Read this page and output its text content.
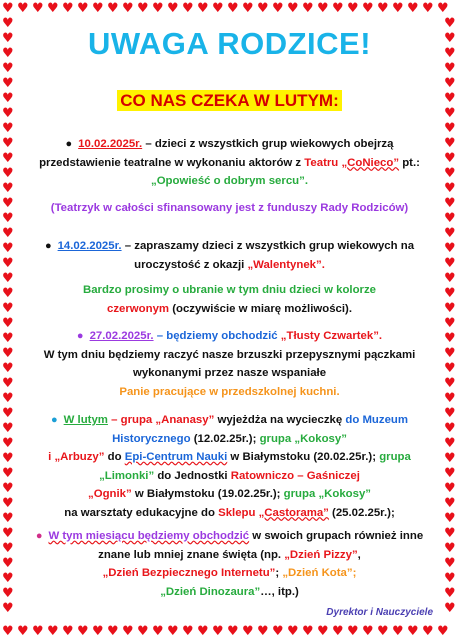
♥
♥
♥
♥
♥
♥
♥
♥
♥
♥
♥
♥
♥
♥
♥
♥
♥
♥
♥
♥
♥
♥
♥
♥
♥
♥
♥
♥
♥
♥
♥
♥
♥
♥
♥
♥
♥
♥
♥
♥
♥
♥
♥
♥
♥
♥
♥
♥
♥
♥
♥
♥
♥
♥
♥
♥
♥
♥
♥
♥
♥	♥
♥	♥
♥	♥
♥	♥
♥	♥
♥	♥
♥	♥
♥	♥
♥	♥
♥	♥
♥	♥
♥	♥
♥	♥
♥	♥
♥	♥
♥	♥
♥	♥
♥	♥
♥	♥
♥	♥
♥	♥
♥	♥
♥	♥
♥	♥
♥	♥
♥	♥
♥	♥
♥	♥
♥	♥
♥	♥
♥	♥
♥	♥
♥	♥
♥	♥
♥	♥
♥	♥
♥	♥
♥	♥
♥	♥
♥	♥
UWAGA RODZICE!
CO NAS CZEKA W LUTYM:

● 10.02.2025r. – dzieci z wszystkich grup wiekowych obejrzą przedstawienie teatralne w wykonaniu aktorów z Teatru „CoNieco” pt.: „Opowieść o dobrym sercu”.

(Teatrzyk w całości sfinansowany jest z funduszy Rady Rodziców)

● 14.02.2025r. – zapraszamy dzieci z wszystkich grup wiekowych na uroczystość z okazji „Walentynek”.

Bardzo prosimy o ubranie w tym dniu dzieci w kolorze czerwonym (oczywiście w miarę możliwości).

● 27.02.2025r. – będziemy obchodzić „Tłusty Czwartek”.
W tym dniu będziemy raczyć nasze brzuszki przepysznymi pączkami wykonanymi przez nasze wspaniałe
Panie pracujące w przedszkolnej kuchni.

● W lutym – grupa „Ananasy” wyjeżdża na wycieczkę do Muzeum Historycznego (12.02.25r.); grupa „Kokosy”
i „Arbuzy” do Epi-Centrum Nauki w Białymstoku (20.02.25r.); grupa „Limonki” do Jednostki Ratowniczo – Gaśniczej
„Ognik” w Białymstoku (19.02.25r.); grupa „Kokosy”
na warsztaty edukacyjne do Sklepu „Castorama” (25.02.25r.);

● W tym miesiącu będziemy obchodzić w swoich grupach również inne znane lub mniej znane święta (np. „Dzień Pizzy”,
„Dzień Bezpiecznego Internetu”; „Dzień Kota”;
„Dzień Dinozaura”…, itp.)

Dyrektor i Nauczyciele
